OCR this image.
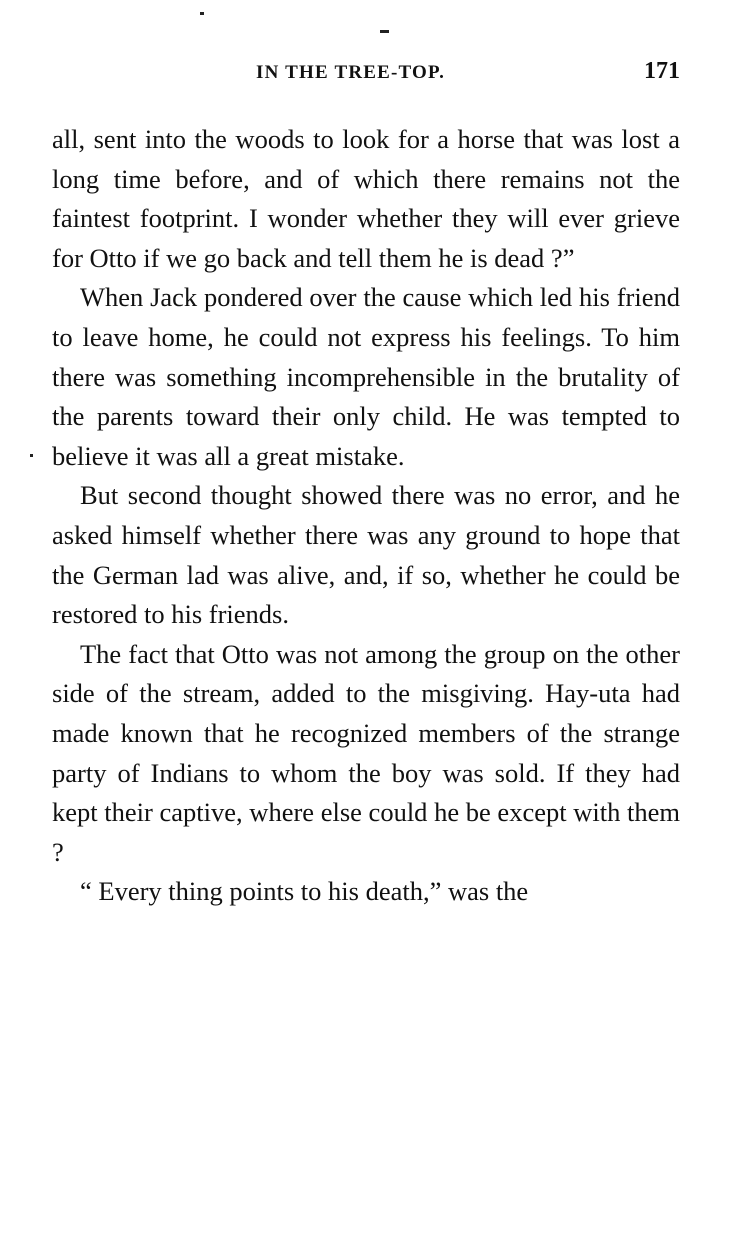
IN THE TREE-TOP.	171

all, sent into the woods to look for a horse that was lost a long time before, and of which there remains not the faintest footprint. I wonder whether they will ever grieve for Otto if we go back and tell them he is dead ?”

When Jack pondered over the cause which led his friend to leave home, he could not express his feelings. To him there was something incomprehensible in the brutality of the parents toward their only child. He was tempted to believe it was all a great mistake.

But second thought showed there was no error, and he asked himself whether there was any ground to hope that the German lad was alive, and, if so, whether he could be restored to his friends.

The fact that Otto was not among the group on the other side of the stream, added to the misgiving. Hay-uta had made known that he recognized members of the strange party of Indians to whom the boy was sold. If they had kept their captive, where else could he be except with them ?

“ Every thing points to his death,” was the
